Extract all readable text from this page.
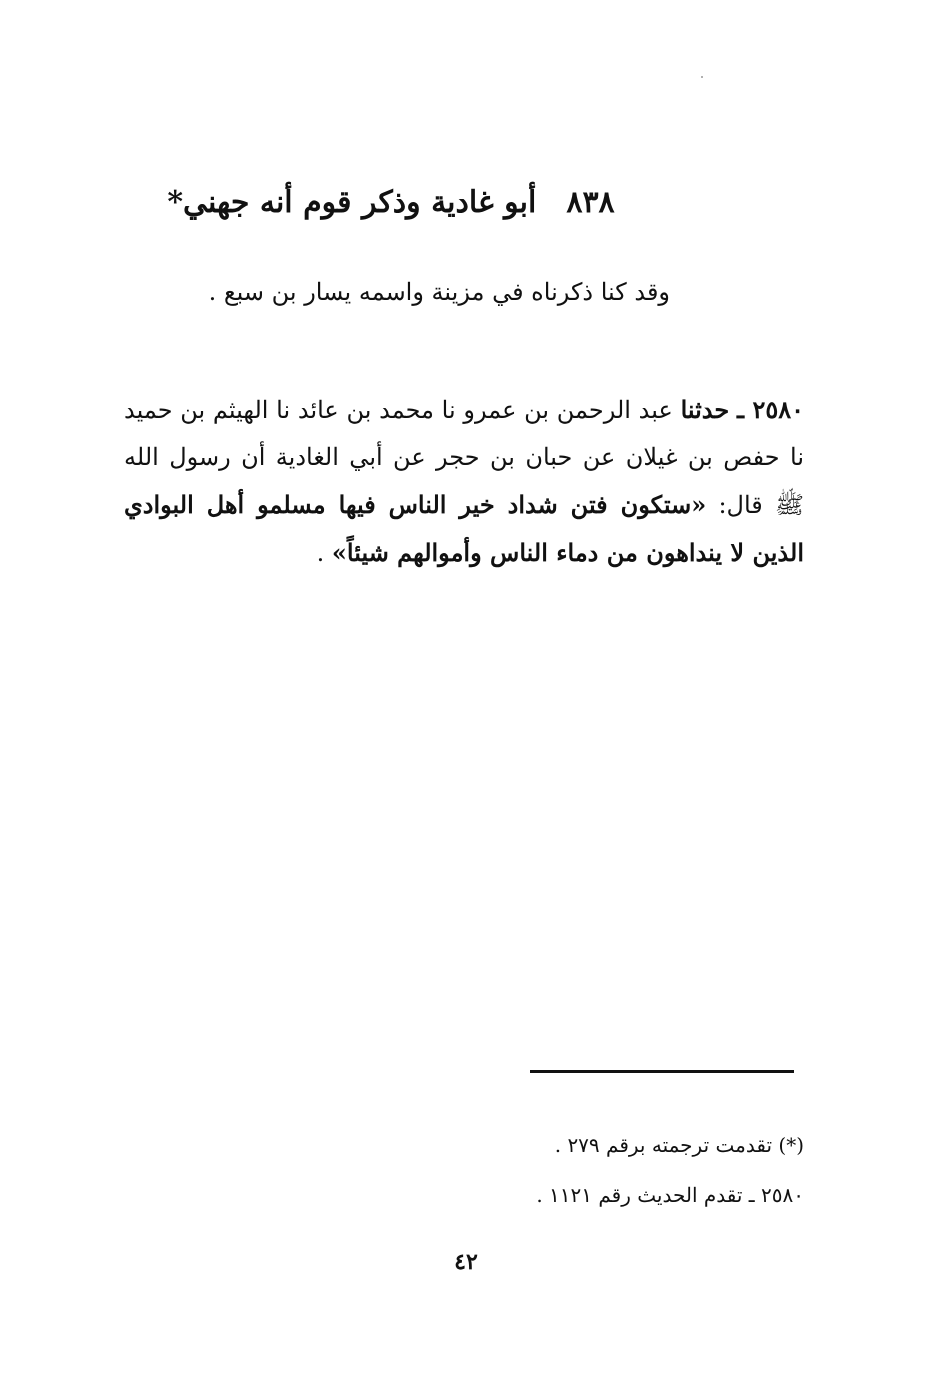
٨٣٨أبو غادية وذكر قوم أنه جهني*
وقد كنا ذكرناه في مزينة واسمه يسار بن سبع .
٢٥٨٠ ـ حدثنا عبد الرحمن بن عمرو نا محمد بن عائد نا الهيثم بن حميد نا حفص بن غيلان عن حبان بن حجر عن أبي الغادية أن رسول الله ﷺ قال: «ستكون فتن شداد خير الناس فيها مسلمو أهل البوادي الذين لا ينداهون من دماء الناس وأموالهم شيئاً» .
(*) تقدمت ترجمته برقم ٢٧٩ .
٢٥٨٠ ـ تقدم الحديث رقم ١١٢١ .
٤٢
